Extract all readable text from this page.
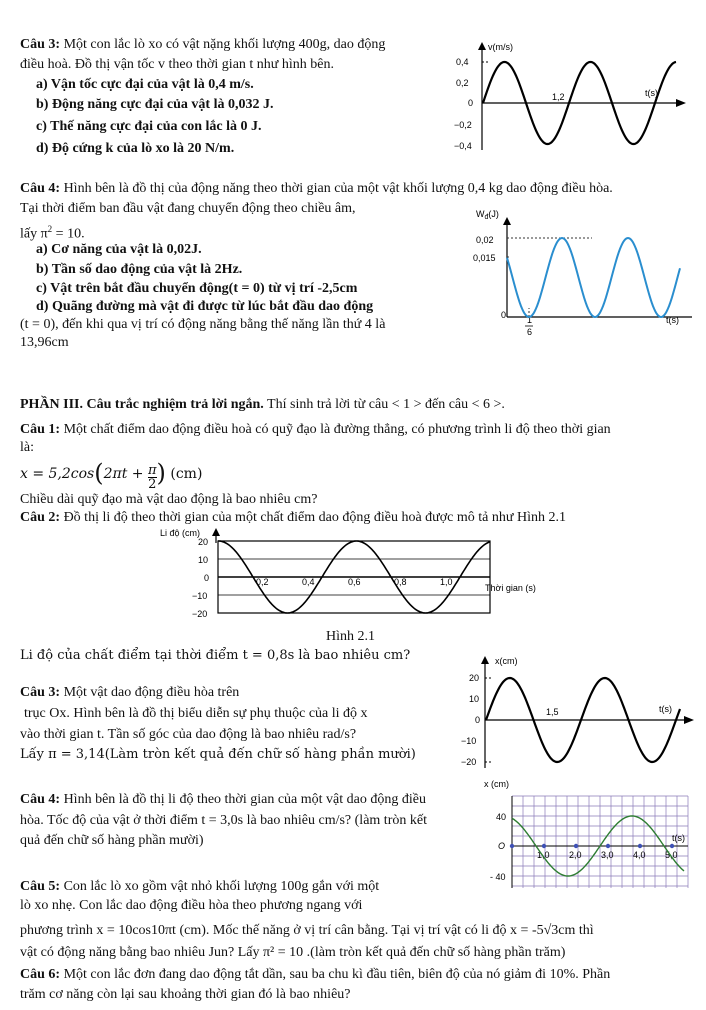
Câu 3: Một con lắc lò xo có vật nặng khối lượng 400g, dao động
điều hoà. Đồ thị vận tốc v theo thời gian t như hình bên.
a) Vận tốc cực đại của vật là 0,4 m/s.
b) Động năng cực đại của vật là 0,032 J.
c) Thế năng cực đại của con lắc là 0 J.
d) Độ cứng k của lò xo là 20 N/m.
v(m/s)
t(s)
0,4
0,2
0
−0,2
−0,4
1,2
Câu 4: Hình bên là đồ thị của động năng theo thời gian của một vật khối lượng 0,4 kg dao động điều hòa.
Tại thời điểm ban đầu vật đang chuyển động theo chiều âm,
lấy $\pi^2 = 10$.
a) Cơ năng của vật là 0,02J.
b) Tần số dao động của vật là 2Hz.
c) Vật trên bắt đầu chuyển động(t = 0) từ vị trí -2,5cm
d) Quãng đường mà vật đi được từ lúc bắt đầu dao động
(t = 0), đến khi qua vị trí có động năng bằng thế năng lần thứ 4 là
13,96cm
$W_đ(J)$
0,02
0,015
0	t(s)
1
6
PHẦN III. Câu trắc nghiệm trả lời ngắn. Thí sinh trả lời từ câu < 1 > đến câu < 6 >.
Câu 1: Một chất điểm dao động điều hoà có quỹ đạo là đường thẳng, có phương trình li độ theo thời gian
là:
$x = 5,2\cos(2\pi t + \frac{\pi}{2}$ ) (cm)
Chiều dài quỹ đạo mà vật dao động là bao nhiêu cm?
Câu 2: Đồ thị li độ theo thời gian của một chất điểm dao động điều hoà được mô tả như Hình 2.1
Li độ (cm)
20
10
0
−10
−20
0,2	0,4	0,6	0,8	1,0
Thời gian (s)
Hình 2.1
Li độ của chất điểm tại thời điểm t = 0,8s là bao nhiêu cm?
Câu 3: Một vật dao động điều hòa trên
trục Ox. Hình bên là đồ thị biểu diễn sự phụ thuộc của li độ x
vào thời gian t. Tần số góc của dao động là bao nhiêu rad/s?
Lấy π = 3,14(Làm tròn kết quả đến chữ số hàng phần mười)
x(cm)
t(s)
20
10
0
−10
−20
1,5
Câu 4: Hình bên là đồ thị li độ theo thời gian của một vật dao động điều
hòa. Tốc độ của vật ở thời điểm t = 3,0s là bao nhiêu cm/s? (làm tròn kết
quả đến chữ số hàng phần mười)
x (cm)
40
O
- 40
t(s)
1,0 2,0 3,0 4,0 5,0
Câu 5: Con lắc lò xo gồm vật nhỏ khối lượng 100g gắn với một
lò xo nhẹ. Con lắc dao động điều hòa theo phương ngang với
phương trình x = 10cos10πt (cm). Mốc thế năng ở vị trí cân bằng. Tại vị trí vật có li độ x = -5√3cm thì
vật có động năng bằng bao nhiêu Jun? Lấy π² = 10 .(làm tròn kết quả đến chữ số hàng phần trăm)
Câu 6: Một con lắc đơn đang dao động tắt dần, sau ba chu kì đầu tiên, biên độ của nó giảm đi 10%. Phần
trăm cơ năng còn lại sau khoảng thời gian đó là bao nhiêu?
